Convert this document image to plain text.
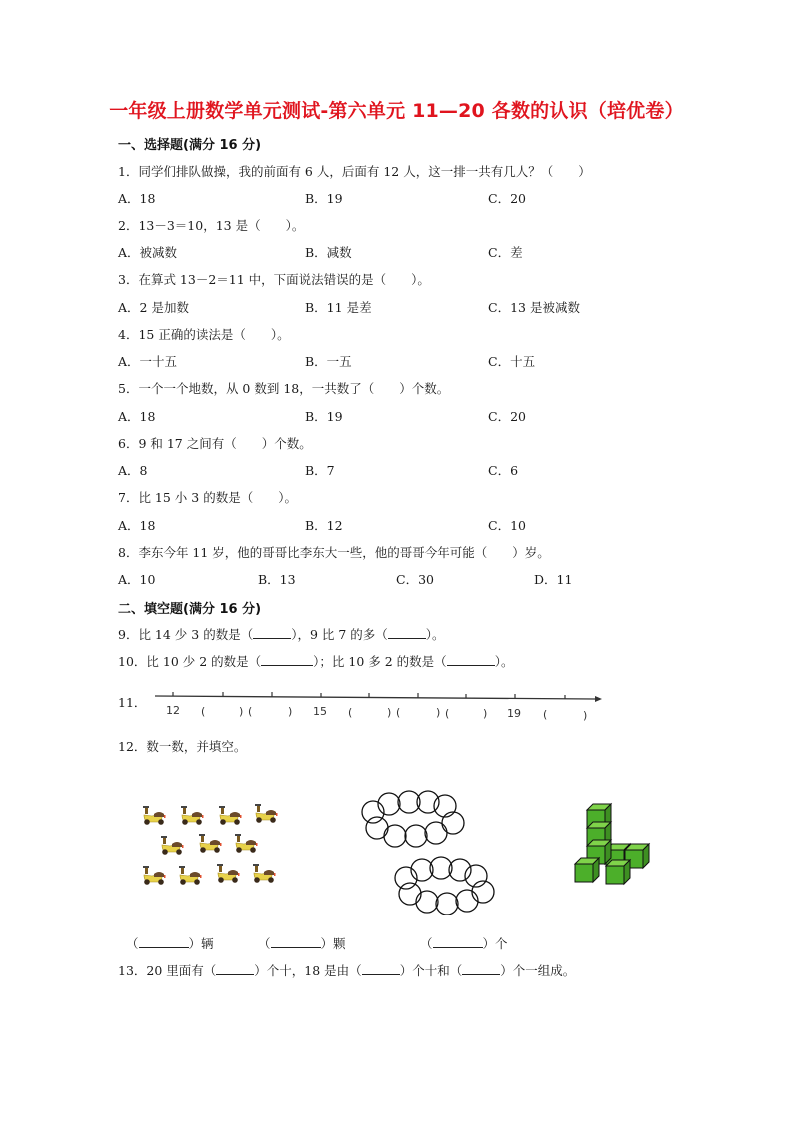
一年级上册数学单元测试-第六单元 11—20 各数的认识（培优卷）
一、选择题(满分 16 分)
1．同学们排队做操，我的前面有 6 人，后面有 12 人，这一排一共有几人？（　　）
A．18	B．19	C．20
2．13－3＝10，13 是（　　）。
A．被减数	B．减数	C．差
3．在算式 13－2＝11 中，下面说法错误的是（　　）。
A．2 是加数	B．11 是差	C．13 是被减数
4．15 正确的读法是（　　）。
A．一十五	B．一五	C．十五
5．一个一个地数，从 0 数到 18，一共数了（　　）个数。
A．18	B．19	C．20
6．9 和 17 之间有（　　）个数。
A．8	B．7	C．6
7．比 15 小 3 的数是（　　）。
A．18	B．12	C．10
8．李东今年 11 岁，他的哥哥比李东大一些，他的哥哥今年可能（　　）岁。
A．10	B．13	C．30	D．11
二、填空题(满分 16 分)
9．比 14 少 3 的数是（	），9 比 7 的多（	）。
10．比 10 少 2 的数是（	）；比 10 多 2 的数是（	）。
11．
12 (	) (	) 15 (	) (	) (	) 19 (	)
12．数一数，并填空。
（	）辆	（	）颗	（	）个
13．20 里面有（	）个十，18 是由（	）个十和（	）个一组成。
